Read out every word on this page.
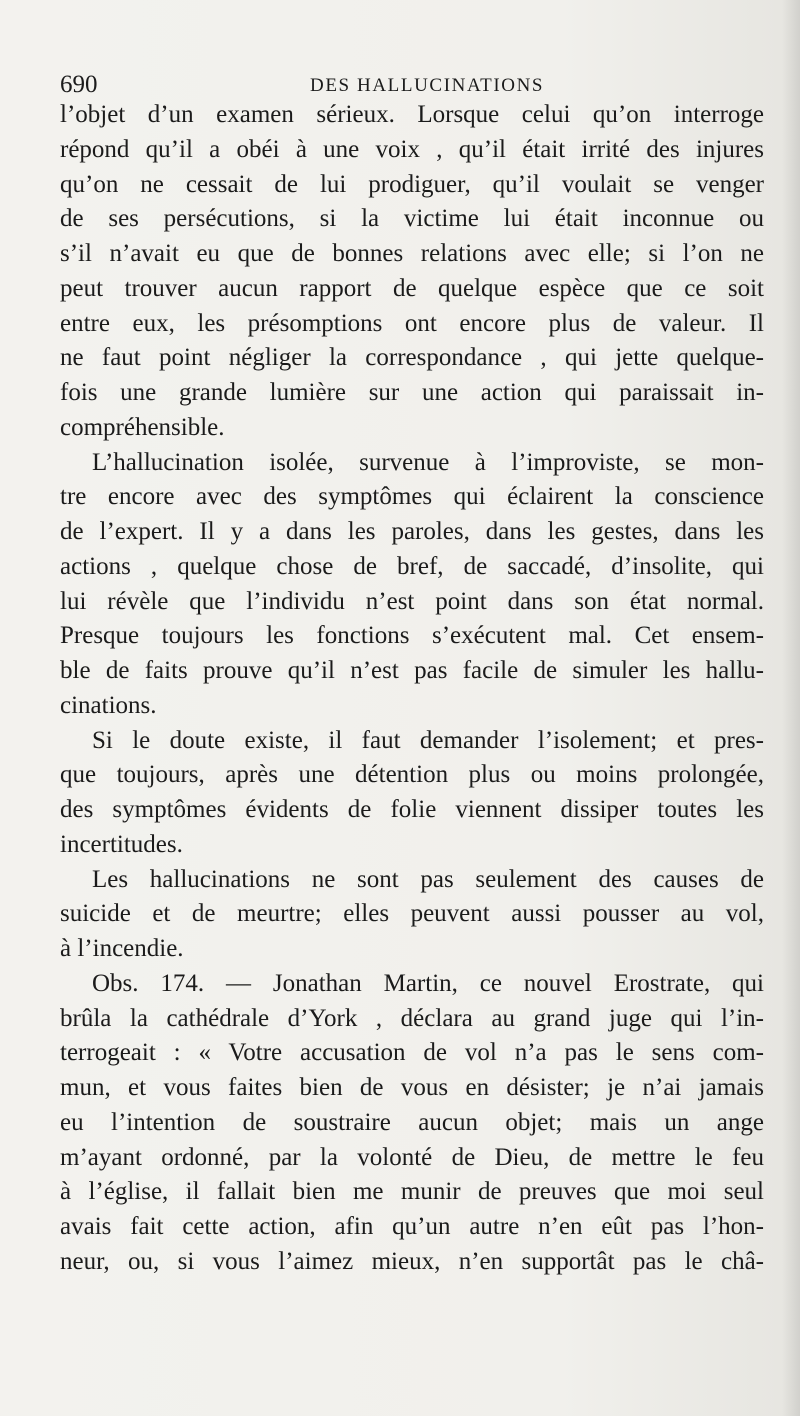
690	DES HALLUCINATIONS
l’objet d’un examen sérieux. Lorsque celui qu’on interroge
répond qu’il a obéi à une voix , qu’il était irrité des injures
qu’on ne cessait de lui prodiguer, qu’il voulait se venger
de ses persécutions, si la victime lui était inconnue ou
s’il n’avait eu que de bonnes relations avec elle; si l’on ne
peut trouver aucun rapport de quelque espèce que ce soit
entre eux, les présomptions ont encore plus de valeur. Il
ne faut point négliger la correspondance , qui jette quelque-
fois une grande lumière sur une action qui paraissait in-
compréhensible.
L’hallucination isolée, survenue à l’improviste, se mon-
tre encore avec des symptômes qui éclairent la conscience
de l’expert. Il y a dans les paroles, dans les gestes, dans les
actions , quelque chose de bref, de saccadé, d’insolite, qui
lui révèle que l’individu n’est point dans son état normal.
Presque toujours les fonctions s’exécutent mal. Cet ensem-
ble de faits prouve qu’il n’est pas facile de simuler les hallu-
cinations.
Si le doute existe, il faut demander l’isolement; et pres-
que toujours, après une détention plus ou moins prolongée,
des symptômes évidents de folie viennent dissiper toutes les
incertitudes.
Les hallucinations ne sont pas seulement des causes de
suicide et de meurtre; elles peuvent aussi pousser au vol,
à l’incendie.
Obs. 174. — Jonathan Martin, ce nouvel Erostrate, qui
brûla la cathédrale d’York , déclara au grand juge qui l’in-
terrogeait : « Votre accusation de vol n’a pas le sens com-
mun, et vous faites bien de vous en désister; je n’ai jamais
eu l’intention de soustraire aucun objet; mais un ange
m’ayant ordonné, par la volonté de Dieu, de mettre le feu
à l’église, il fallait bien me munir de preuves que moi seul
avais fait cette action, afin qu’un autre n’en eût pas l’hon-
neur, ou, si vous l’aimez mieux, n’en supportât pas le châ-
